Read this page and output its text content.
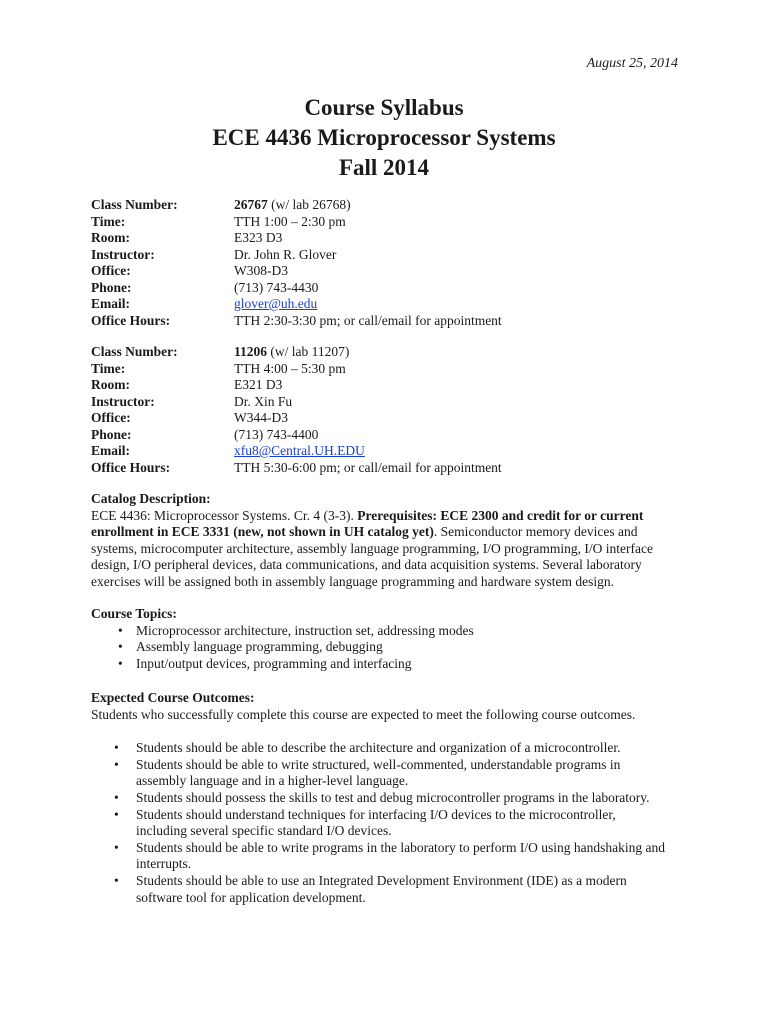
August 25, 2014
Course Syllabus
ECE 4436 Microprocessor Systems
Fall 2014
Class Number:	26767 (w/ lab 26768)
Time:	TTH 1:00 – 2:30 pm
Room:	E323 D3
Instructor:	Dr. John R. Glover
Office:	W308-D3
Phone:	(713) 743-4430
Email:	glover@uh.edu
Office Hours:	TTH 2:30-3:30 pm; or call/email for appointment
Class Number:	11206 (w/ lab 11207)
Time:	TTH 4:00 – 5:30 pm
Room:	E321 D3
Instructor:	Dr. Xin Fu
Office:	W344-D3
Phone:	(713) 743-4400
Email:	xfu8@Central.UH.EDU
Office Hours:	TTH 5:30-6:00 pm; or call/email for appointment
Catalog Description:
ECE 4436: Microprocessor Systems. Cr. 4 (3-3). Prerequisites: ECE 2300 and credit for or current
enrollment in ECE 3331 (new, not shown in UH catalog yet). Semiconductor memory devices and
systems, microcomputer architecture, assembly language programming, I/O programming, I/O interface
design, I/O peripheral devices, data communications, and data acquisition systems. Several laboratory
exercises will be assigned both in assembly language programming and hardware system design.
Course Topics:
• Microprocessor architecture, instruction set, addressing modes
• Assembly language programming, debugging
• Input/output devices, programming and interfacing
Expected Course Outcomes:
Students who successfully complete this course are expected to meet the following course outcomes.
• Students should be able to describe the architecture and organization of a microcontroller.
• Students should be able to write structured, well-commented, understandable programs in
assembly language and in a higher-level language.
• Students should possess the skills to test and debug microcontroller programs in the laboratory.
• Students should understand techniques for interfacing I/O devices to the microcontroller,
including several specific standard I/O devices.
• Students should be able to write programs in the laboratory to perform I/O using handshaking and
interrupts.
• Students should be able to use an Integrated Development Environment (IDE) as a modern
software tool for application development.
